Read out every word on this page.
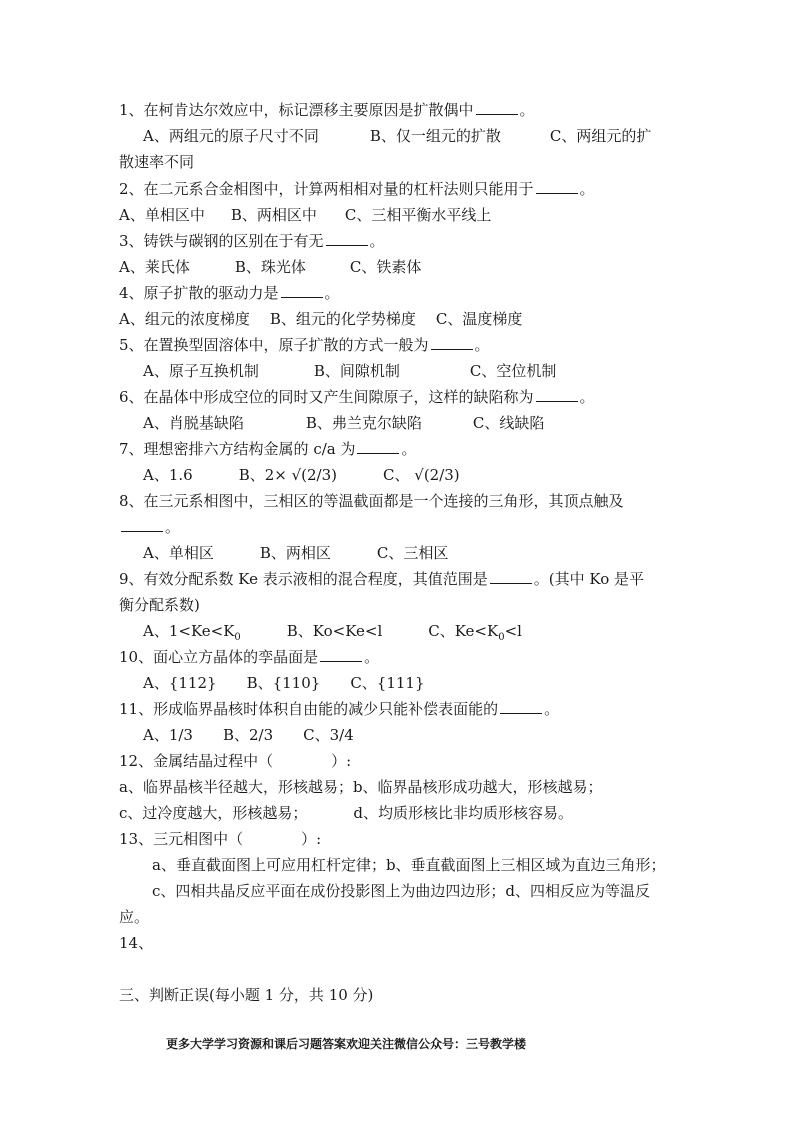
1、在柯肯达尔效应中，标记漂移主要原因是扩散偶中	。
A、两组元的原子尺寸不同	B、仅一组元的扩散	C、两组元的扩
散速率不同
2、在二元系合金相图中，计算两相相对量的杠杆法则只能用于	。
A、单相区中 B、两相区中 C、三相平衡水平线上
3、铸铁与碳钢的区别在于有无	。
A、莱氏体	B、珠光体	C、铁素体
4、原子扩散的驱动力是	。
A、组元的浓度梯度 B、组元的化学势梯度 C、温度梯度
5、在置换型固溶体中，原子扩散的方式一般为	。
A、原子互换机制	B、间隙机制	C、空位机制
6、在晶体中形成空位的同时又产生间隙原子，这样的缺陷称为	。
A、肖脱基缺陷	B、弗兰克尔缺陷	C、线缺陷
7、理想密排六方结构金属的 c/a 为	。
A、1.6	B、2× √(2/3)	C、 √(2/3)
8、在三元系相图中，三相区的等温截面都是一个连接的三角形，其顶点触及
。
A、单相区	B、两相区	C、三相区
9、有效分配系数 Ke 表示液相的混合程度，其值范围是	。(其中 Ko 是平
衡分配系数)
A、$1<Ke<K_0$	B、Ko<Ke<l	C、$Ke<K_0<l$
10、面心立方晶体的孪晶面是	。
A、{112} B、{110} C、{111}
11、形成临界晶核时体积自由能的减少只能补偿表面能的	。
A、1/3 B、2/3 C、3/4
12、金属结晶过程中（	）:
a、临界晶核半径越大，形核越易；b、临界晶核形成功越大，形核越易；
c、过冷度越大，形核越易；	d、均质形核比非均质形核容易。
13、三元相图中（	）:
a、垂直截面图上可应用杠杆定律；b、垂直截面图上三相区域为直边三角形；
c、四相共晶反应平面在成份投影图上为曲边四边形；d、四相反应为等温反
应。
14、
三、判断正误(每小题 1 分，共 10 分)
更多大学学习资源和课后习题答案欢迎关注微信公众号：三号教学楼
